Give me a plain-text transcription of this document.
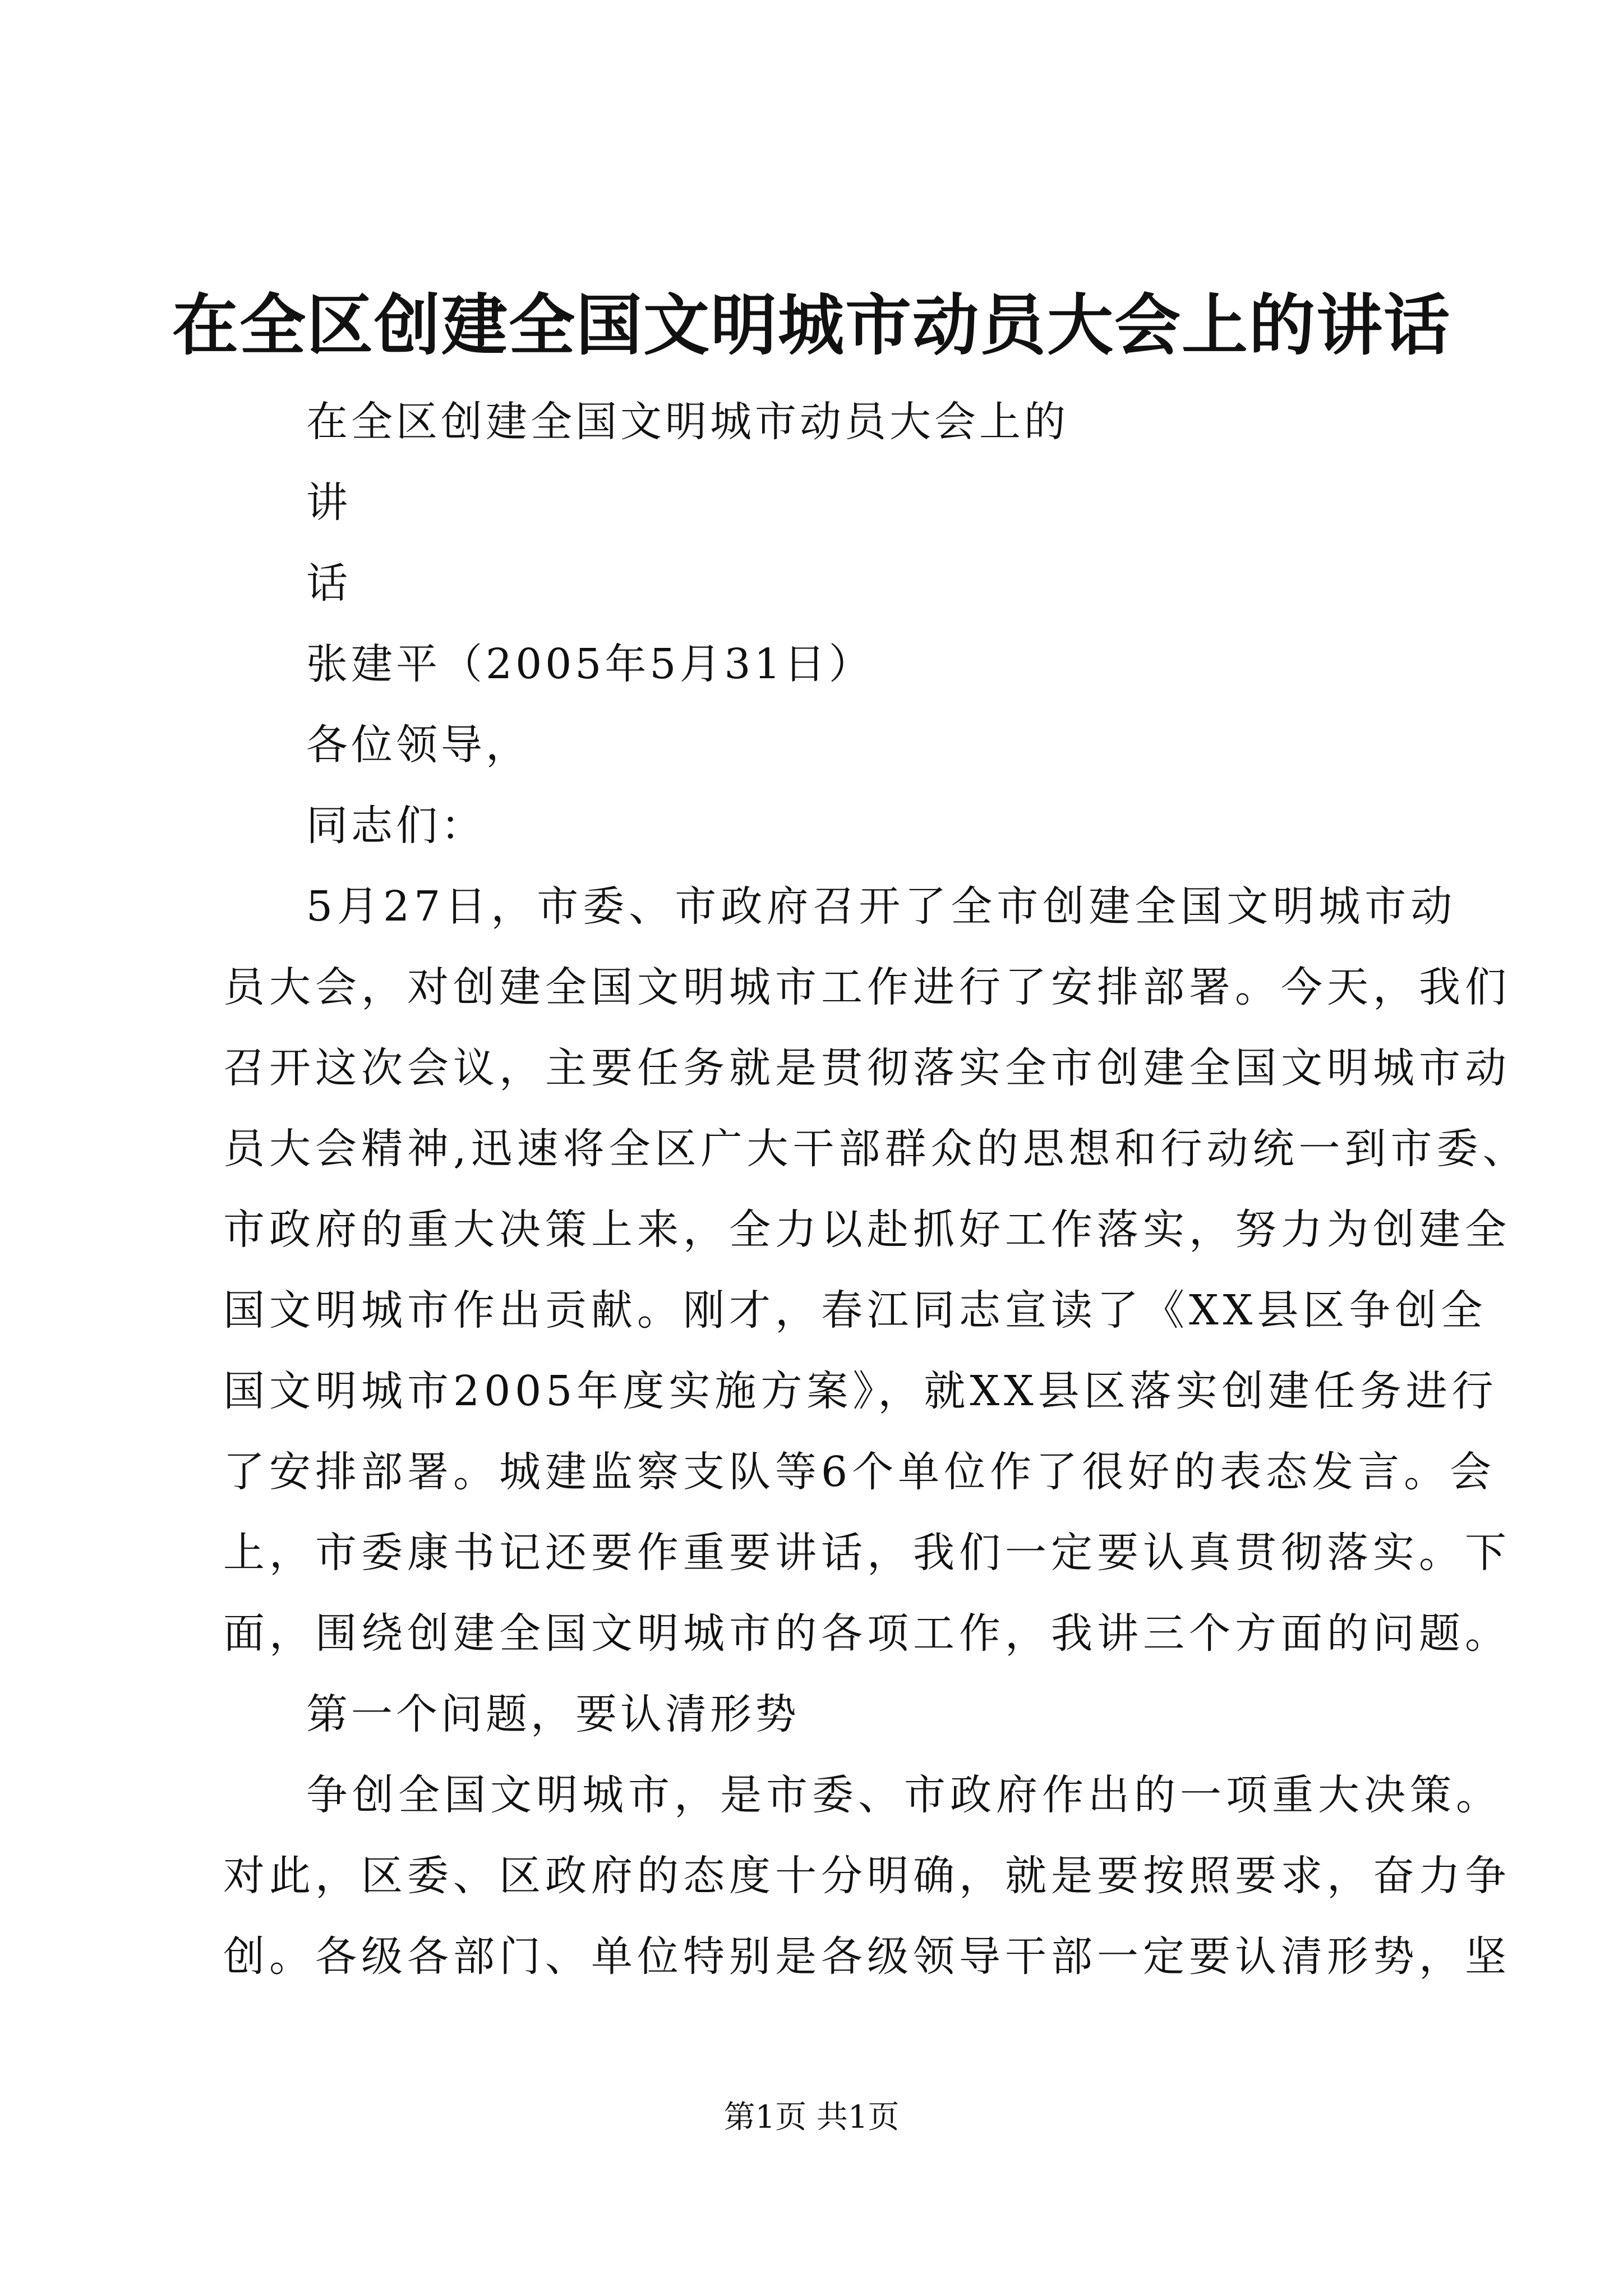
在全区创建全国文明城市动员大会上的讲话
在全区创建全国文明城市动员大会上的
讲
话
张建平（2005年5月31日）
各位领导，
同志们：
5月27日，市委、市政府召开了全市创建全国文明城市动
员大会，对创建全国文明城市工作进行了安排部署。今天，我们
召开这次会议，主要任务就是贯彻落实全市创建全国文明城市动
员大会精神,迅速将全区广大干部群众的思想和行动统一到市委、
市政府的重大决策上来，全力以赴抓好工作落实，努力为创建全
国文明城市作出贡献。刚才，春江同志宣读了《XX县区争创全
国文明城市2005年度实施方案》，就XX县区落实创建任务进行
了安排部署。城建监察支队等6个单位作了很好的表态发言。会
上，市委康书记还要作重要讲话，我们一定要认真贯彻落实。下
面，围绕创建全国文明城市的各项工作，我讲三个方面的问题。
第一个问题，要认清形势
争创全国文明城市，是市委、市政府作出的一项重大决策。
对此，区委、区政府的态度十分明确，就是要按照要求，奋力争
创。各级各部门、单位特别是各级领导干部一定要认清形势，坚
第1页 共1页
